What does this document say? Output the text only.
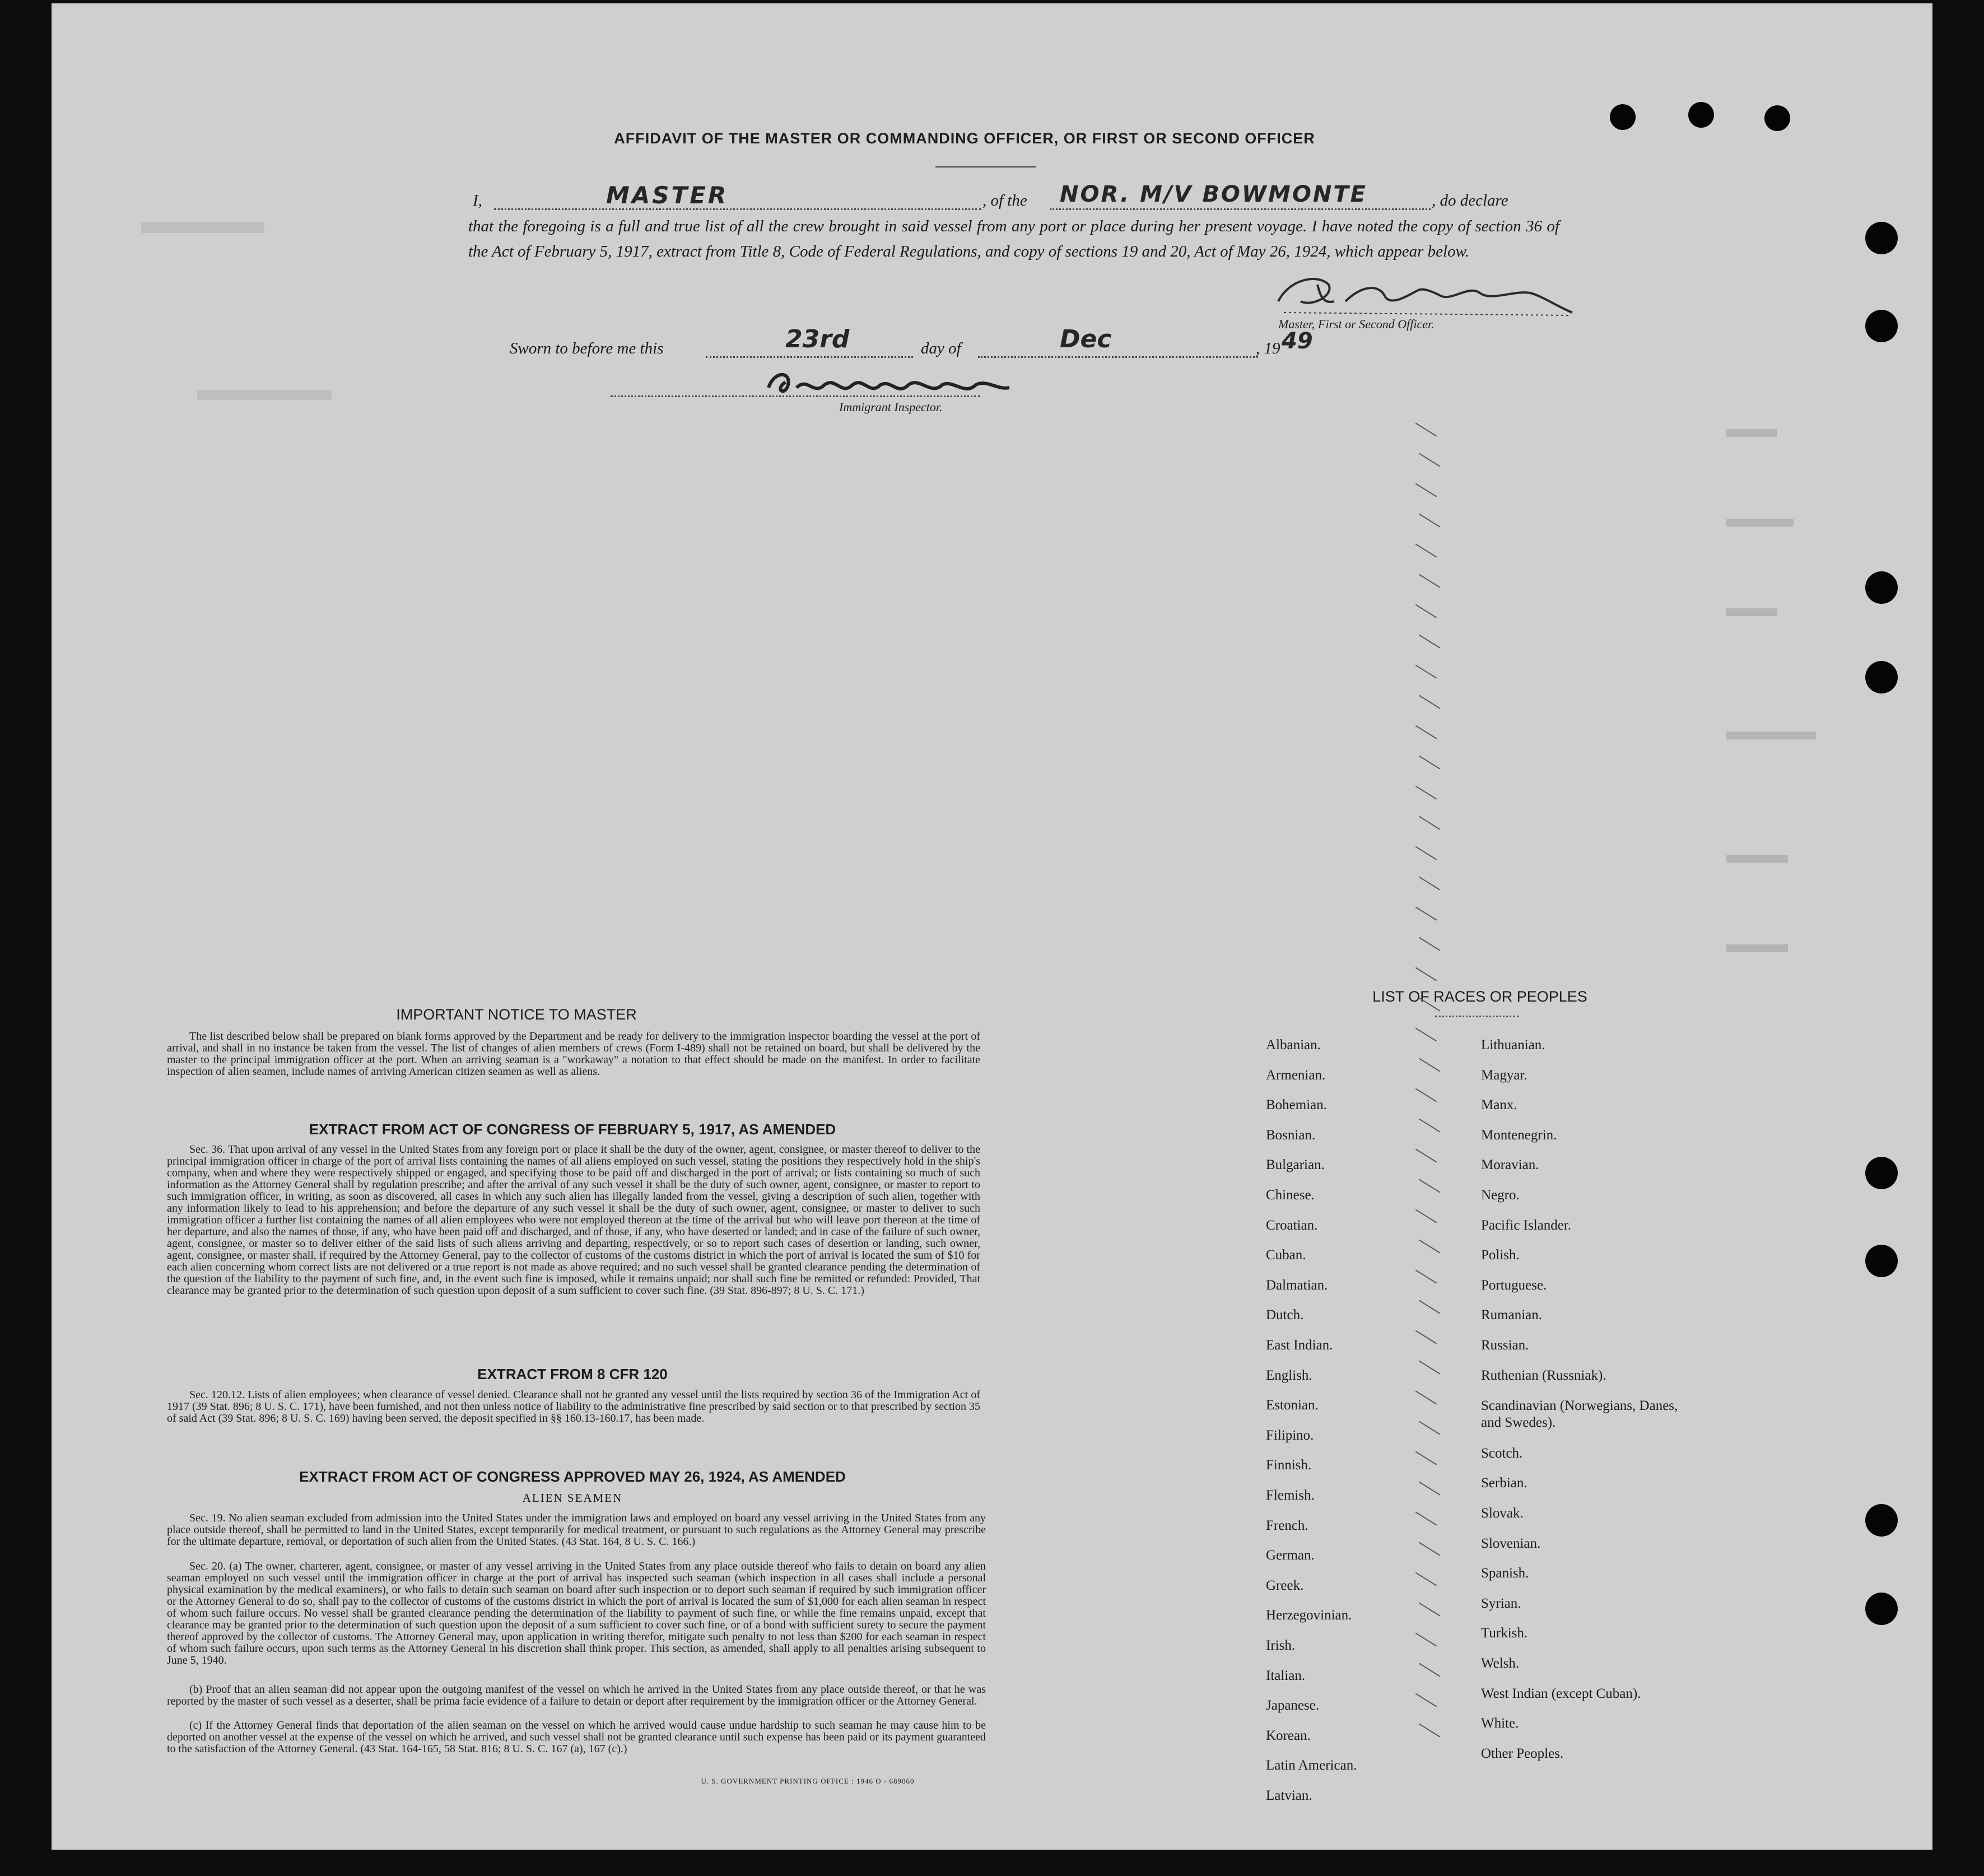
AFFIDAVIT OF THE MASTER OR COMMANDING OFFICER, OR FIRST OR SECOND OFFICER
I,	MASTER	, of the NOR. M/V BOWMONTE	, do declare
that the foregoing is a full and true list of all the crew brought in said vessel from any port or place during her present voyage. I have noted the copy of section 36 of the Act of February 5, 1917, extract from Title 8, Code of Federal Regulations, and copy of sections 19 and 20, Act of May 26, 1924, which appear below.
Master, First or Second Officer.
Sworn to before me this	23rd	day of	Dec	, 19 49
Immigrant Inspector.
IMPORTANT NOTICE TO MASTER
The list described below shall be prepared on blank forms approved by the Department and be ready for delivery to the immigration inspector boarding the vessel at the port of arrival, and shall in no instance be taken from the vessel. The list of changes of alien members of crews (Form I-489) shall not be retained on board, but shall be delivered by the master to the principal immigration officer at the port. When an arriving seaman is a "workaway" a notation to that effect should be made on the manifest. In order to facilitate inspection of alien seamen, include names of arriving American citizen seamen as well as aliens.
EXTRACT FROM ACT OF CONGRESS OF FEBRUARY 5, 1917, AS AMENDED
Sec. 36. That upon arrival of any vessel in the United States from any foreign port or place it shall be the duty of the owner, agent, consignee, or master thereof to deliver to the principal immigration officer in charge of the port of arrival lists containing the names of all aliens employed on such vessel, stating the positions they respectively hold in the ship's company, when and where they were respectively shipped or engaged, and specifying those to be paid off and discharged in the port of arrival; or lists containing so much of such information as the Attorney General shall by regulation prescribe; and after the arrival of any such vessel it shall be the duty of such owner, agent, consignee, or master to report to such immigration officer, in writing, as soon as discovered, all cases in which any such alien has illegally landed from the vessel, giving a description of such alien, together with any information likely to lead to his apprehension; and before the departure of any such vessel it shall be the duty of such owner, agent, consignee, or master to deliver to such immigration officer a further list containing the names of all alien employees who were not employed thereon at the time of the arrival but who will leave port thereon at the time of her departure, and also the names of those, if any, who have been paid off and discharged, and of those, if any, who have deserted or landed; and in case of the failure of such owner, agent, consignee, or master so to deliver either of the said lists of such aliens arriving and departing, respectively, or so to report such cases of desertion or landing, such owner, agent, consignee, or master shall, if required by the Attorney General, pay to the collector of customs of the customs district in which the port of arrival is located the sum of $10 for each alien concerning whom correct lists are not delivered or a true report is not made as above required; and no such vessel shall be granted clearance pending the determination of the question of the liability to the payment of such fine, and, in the event such fine is imposed, while it remains unpaid; nor shall such fine be remitted or refunded: Provided, That clearance may be granted prior to the determination of such question upon deposit of a sum sufficient to cover such fine. (39 Stat. 896-897; 8 U. S. C. 171.)
EXTRACT FROM 8 CFR 120
Sec. 120.12. Lists of alien employees; when clearance of vessel denied. Clearance shall not be granted any vessel until the lists required by section 36 of the Immigration Act of 1917 (39 Stat. 896; 8 U. S. C. 171), have been furnished, and not then unless notice of liability to the administrative fine prescribed by said section or to that prescribed by section 35 of said Act (39 Stat. 896; 8 U. S. C. 169) having been served, the deposit specified in §§ 160.13-160.17, has been made.
EXTRACT FROM ACT OF CONGRESS APPROVED MAY 26, 1924, AS AMENDED
ALIEN SEAMEN
Sec. 19. No alien seaman excluded from admission into the United States under the immigration laws and employed on board any vessel arriving in the United States from any place outside thereof, shall be permitted to land in the United States, except temporarily for medical treatment, or pursuant to such regulations as the Attorney General may prescribe for the ultimate departure, removal, or deportation of such alien from the United States. (43 Stat. 164, 8 U. S. C. 166.)
Sec. 20. (a) The owner, charterer, agent, consignee, or master of any vessel arriving in the United States from any place outside thereof who fails to detain on board any alien seaman employed on such vessel until the immigration officer in charge at the port of arrival has inspected such seaman (which inspection in all cases shall include a personal physical examination by the medical examiners), or who fails to detain such seaman on board after such inspection or to deport such seaman if required by such immigration officer or the Attorney General to do so, shall pay to the collector of customs of the customs district in which the port of arrival is located the sum of $1,000 for each alien seaman in respect of whom such failure occurs. No vessel shall be granted clearance pending the determination of the liability to payment of such fine, or while the fine remains unpaid, except that clearance may be granted prior to the determination of such question upon the deposit of a sum sufficient to cover such fine, or of a bond with sufficient surety to secure the payment thereof approved by the collector of customs. The Attorney General may, upon application in writing therefor, mitigate such penalty to not less than $200 for each seaman in respect of whom such failure occurs, upon such terms as the Attorney General in his discretion shall think proper. This section, as amended, shall apply to all penalties arising subsequent to June 5, 1940.
(b) Proof that an alien seaman did not appear upon the outgoing manifest of the vessel on which he arrived in the United States from any place outside thereof, or that he was reported by the master of such vessel as a deserter, shall be prima facie evidence of a failure to detain or deport after requirement by the immigration officer or the Attorney General.
(c) If the Attorney General finds that deportation of the alien seaman on the vessel on which he arrived would cause undue hardship to such seaman he may cause him to be deported on another vessel at the expense of the vessel on which he arrived, and such vessel shall not be granted clearance until such expense has been paid or its payment guaranteed to the satisfaction of the Attorney General. (43 Stat. 164-165, 58 Stat. 816; 8 U. S. C. 167 (a), 167 (c).)
U. S. GOVERNMENT PRINTING OFFICE : 1946 O - 689060
LIST OF RACES OR PEOPLES
Albanian.
Armenian.
Bohemian.
Bosnian.
Bulgarian.
Chinese.
Croatian.
Cuban.
Dalmatian.
Dutch.
East Indian.
English.
Estonian.
Filipino.
Finnish.
Flemish.
French.
German.
Greek.
Herzegovinian.
Irish.
Italian.
Japanese.
Korean.
Latin American.
Latvian.
Lithuanian.
Magyar.
Manx.
Montenegrin.
Moravian.
Negro.
Pacific Islander.
Polish.
Portuguese.
Rumanian.
Russian.
Ruthenian (Russniak).
Scandinavian (Norwegians, Danes, and Swedes).
Scotch.
Serbian.
Slovak.
Slovenian.
Spanish.
Syrian.
Turkish.
Welsh.
West Indian (except Cuban).
White.
Other Peoples.
